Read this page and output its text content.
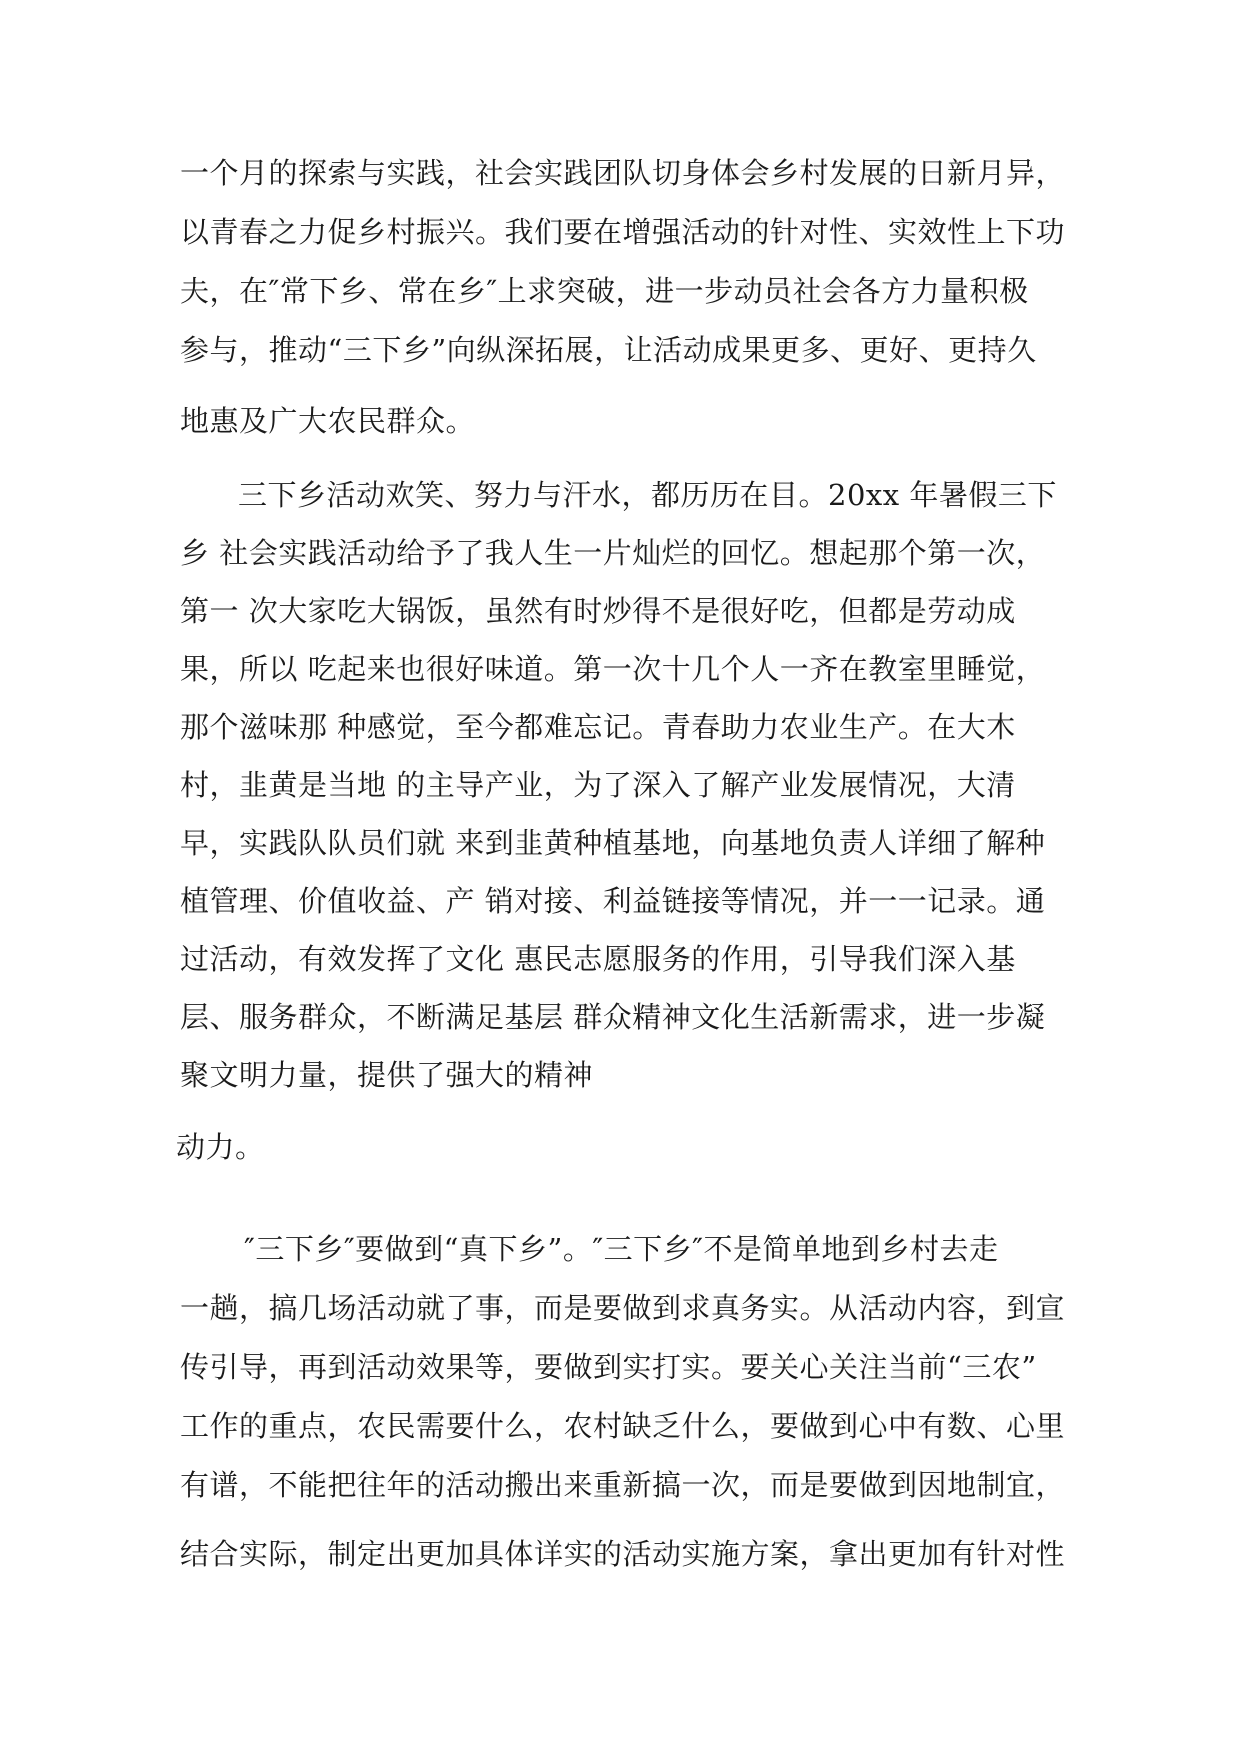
一个月的探索与实践，社会实践团队切身体会乡村发展的日新月异，
以青春之力促乡村振兴。我们要在增强活动的针对性、实效性上下功
夫，在″常下乡、常在乡″上求突破，进一步动员社会各方力量积极
参与，推动“三下乡”向纵深拓展，让活动成果更多、更好、更持久
地惠及广大农民群众。
三下乡活动欢笑、努力与汗水，都历历在目。20xx 年暑假三下
乡 社会实践活动给予了我人生一片灿烂的回忆。想起那个第一次，
第一 次大家吃大锅饭，虽然有时炒得不是很好吃，但都是劳动成
果，所以 吃起来也很好味道。第一次十几个人一齐在教室里睡觉，
那个滋味那 种感觉，至今都难忘记。青春助力农业生产。在大木
村，韭黄是当地 的主导产业，为了深入了解产业发展情况，大清
早，实践队队员们就 来到韭黄种植基地，向基地负责人详细了解种
植管理、价值收益、产 销对接、利益链接等情况，并一一记录。通
过活动，有效发挥了文化 惠民志愿服务的作用，引导我们深入基
层、服务群众，不断满足基层 群众精神文化生活新需求，进一步凝
聚文明力量，提供了强大的精神
动力。
″三下乡″要做到“真下乡”。″三下乡″不是简单地到乡村去走
一趟，搞几场活动就了事，而是要做到求真务实。从活动内容，到宣
传引导，再到活动效果等，要做到实打实。要关心关注当前“三农”
工作的重点，农民需要什么，农村缺乏什么，要做到心中有数、心里
有谱，不能把往年的活动搬出来重新搞一次，而是要做到因地制宜，
结合实际，制定出更加具体详实的活动实施方案，拿出更加有针对性
